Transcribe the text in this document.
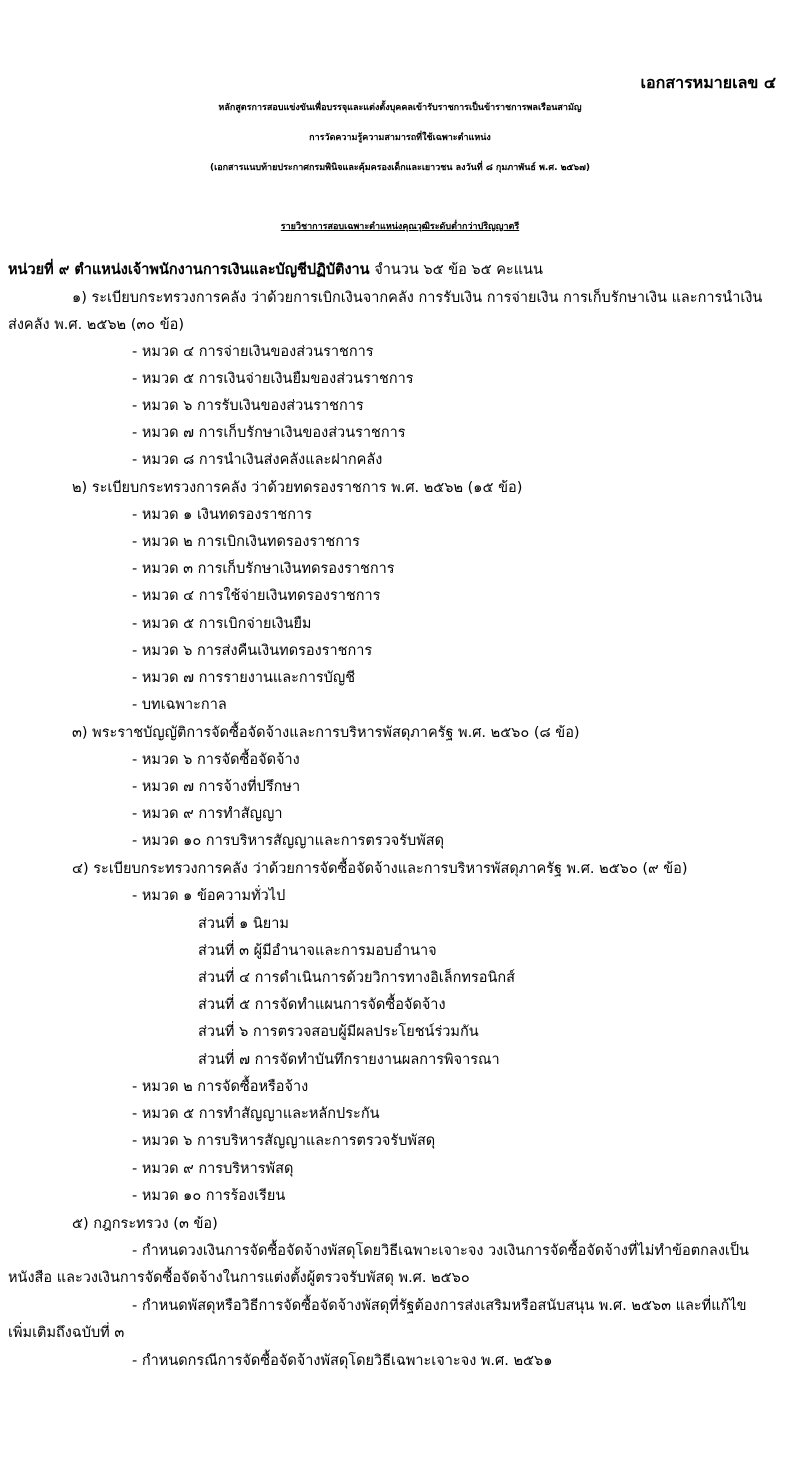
เอกสารหมายเลข ๔
หลักสูตรการสอบแข่งขันเพื่อบรรจุและแต่งตั้งบุคคลเข้ารับราชการเป็นข้าราชการพลเรือนสามัญ
การวัดความรู้ความสามารถที่ใช้เฉพาะตำแหน่ง
(เอกสารแนบท้ายประกาศกรมพินิจและคุ้มครองเด็กและเยาวชน ลงวันที่ ๘ กุมภาพันธ์ พ.ศ. ๒๕๖๗)
รายวิชาการสอบเฉพาะตำแหน่งคุณวุฒิระดับต่ำกว่าปริญญาตรี
หน่วยที่ ๙ ตำแหน่งเจ้าพนักงานการเงินและบัญชีปฏิบัติงาน จำนวน ๖๕ ข้อ ๖๕ คะแนน
๑) ระเบียบกระทรวงการคลัง ว่าด้วยการเบิกเงินจากคลัง การรับเงิน การจ่ายเงิน การเก็บรักษาเงิน และการนำเงิน
ส่งคลัง พ.ศ. ๒๕๖๒ (๓๐ ข้อ)
- หมวด ๔ การจ่ายเงินของส่วนราชการ
- หมวด ๕ การเงินจ่ายเงินยืมของส่วนราชการ
- หมวด ๖ การรับเงินของส่วนราชการ
- หมวด ๗ การเก็บรักษาเงินของส่วนราชการ
- หมวด ๘ การนำเงินส่งคลังและฝากคลัง
๒) ระเบียบกระทรวงการคลัง ว่าด้วยทดรองราชการ พ.ศ. ๒๕๖๒ (๑๕ ข้อ)
- หมวด ๑ เงินทดรองราชการ
- หมวด ๒ การเบิกเงินทดรองราชการ
- หมวด ๓ การเก็บรักษาเงินทดรองราชการ
- หมวด ๔ การใช้จ่ายเงินทดรองราชการ
- หมวด ๕ การเบิกจ่ายเงินยืม
- หมวด ๖ การส่งคืนเงินทดรองราชการ
- หมวด ๗ การรายงานและการบัญชี
- บทเฉพาะกาล
๓) พระราชบัญญัติการจัดซื้อจัดจ้างและการบริหารพัสดุภาครัฐ พ.ศ. ๒๕๖๐ (๘ ข้อ)
- หมวด ๖ การจัดซื้อจัดจ้าง
- หมวด ๗ การจ้างที่ปรึกษา
- หมวด ๙ การทำสัญญา
- หมวด ๑๐ การบริหารสัญญาและการตรวจรับพัสดุ
๔) ระเบียบกระทรวงการคลัง ว่าด้วยการจัดซื้อจัดจ้างและการบริหารพัสดุภาครัฐ พ.ศ. ๒๕๖๐ (๙ ข้อ)
- หมวด ๑ ข้อความทั่วไป
ส่วนที่ ๑ นิยาม
ส่วนที่ ๓ ผู้มีอำนาจและการมอบอำนาจ
ส่วนที่ ๔ การดำเนินการด้วยวิการทางอิเล็กทรอนิกส์
ส่วนที่ ๕ การจัดทำแผนการจัดซื้อจัดจ้าง
ส่วนที่ ๖ การตรวจสอบผู้มีผลประโยชน์ร่วมกัน
ส่วนที่ ๗ การจัดทำบันทึกรายงานผลการพิจารณา
- หมวด ๒ การจัดซื้อหรือจ้าง
- หมวด ๕ การทำสัญญาและหลักประกัน
- หมวด ๖ การบริหารสัญญาและการตรวจรับพัสดุ
- หมวด ๙ การบริหารพัสดุ
- หมวด ๑๐ การร้องเรียน
๕) กฎกระทรวง (๓ ข้อ)
- กำหนดวงเงินการจัดซื้อจัดจ้างพัสดุโดยวิธีเฉพาะเจาะจง วงเงินการจัดซื้อจัดจ้างที่ไม่ทำข้อตกลงเป็น
หนังสือ และวงเงินการจัดซื้อจัดจ้างในการแต่งตั้งผู้ตรวจรับพัสดุ พ.ศ. ๒๕๖๐
- กำหนดพัสดุหรือวิธีการจัดซื้อจัดจ้างพัสดุที่รัฐต้องการส่งเสริมหรือสนับสนุน พ.ศ. ๒๕๖๓ และที่แก้ไข
เพิ่มเติมถึงฉบับที่ ๓
- กำหนดกรณีการจัดซื้อจัดจ้างพัสดุโดยวิธีเฉพาะเจาะจง พ.ศ. ๒๕๖๑
